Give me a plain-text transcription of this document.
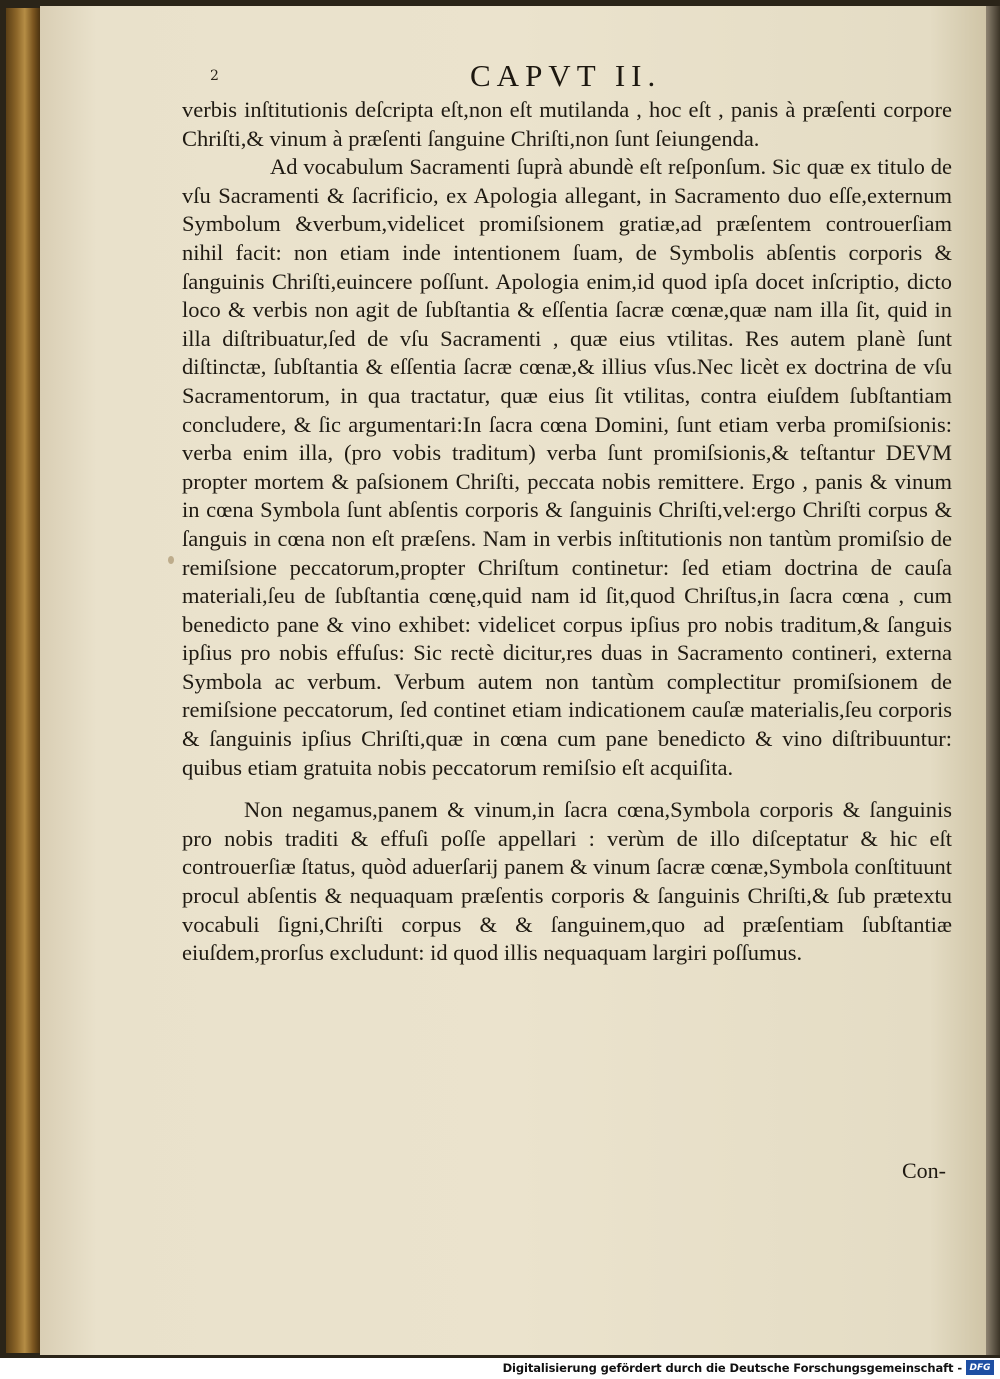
2	CAPVT II.

verbis inſtitutionis deſcripta eſt,non eſt mutilanda , hoc eſt , panis à præſenti corpore Chriſti,& vinum à præſenti ſanguine Chriſti,non ſunt ſeiungenda.

Ad vocabulum Sacramenti ſuprà abundè eſt reſponſum. Sic quæ ex titulo de vſu Sacramenti & ſacrificio, ex Apologia allegant, in Sacramento duo eſſe,externum Symbolum &verbum,videlicet promiſsionem gratiæ,ad præſentem controuerſiam nihil facit: non etiam inde intentionem ſuam, de Symbolis abſentis corporis & ſanguinis Chriſti,euincere poſſunt. Apologia enim,id quod ipſa docet inſcriptio, dicto loco & verbis non agit de ſubſtantia & eſſentia ſacræ cœnæ,quæ nam illa ſit, quid in illa diſtribuatur,ſed de vſu Sacramenti , quæ eius vtilitas. Res autem planè ſunt diſtinctæ, ſubſtantia & eſſentia ſacræ cœnæ,& illius vſus.Nec licèt ex doctrina de vſu Sacramentorum, in qua tractatur, quæ eius ſit vtilitas, contra eiuſdem ſubſtantiam concludere, & ſic argumentari:In ſacra cœna Domini, ſunt etiam verba promiſsionis: verba enim illa, (pro vobis traditum) verba ſunt promiſsionis,& teſtantur DEVM propter mortem & paſsionem Chriſti, peccata nobis remittere. Ergo , panis & vinum in cœna Symbola ſunt abſentis corporis & ſanguinis Chriſti,vel:ergo Chriſti corpus & ſanguis in cœna non eſt præſens. Nam in verbis inſtitutionis non tantùm promiſsio de remiſsione peccatorum,propter Chriſtum continetur: ſed etiam doctrina de cauſa materiali,ſeu de ſubſtantia cœnę,quid nam id ſit,quod Chriſtus,in ſacra cœna , cum benedicto pane & vino exhibet: videlicet corpus ipſius pro nobis traditum,& ſanguis ipſius pro nobis effuſus: Sic rectè dicitur,res duas in Sacramento contineri, externa Symbola ac verbum. Verbum autem non tantùm complectitur promiſsionem de remiſsione peccatorum, ſed continet etiam indicationem cauſæ materialis,ſeu corporis & ſanguinis ipſius Chriſti,quæ in cœna cum pane benedicto & vino diſtribuuntur: quibus etiam gratuita nobis peccatorum remiſsio eſt acquiſita.

Non negamus,panem & vinum,in ſacra cœna,Symbola corporis & ſanguinis pro nobis traditi & effuſi poſſe appellari : verùm de illo diſceptatur & hic eſt controuerſiæ ſtatus, quòd aduerſarij panem & vinum ſacræ cœnæ,Symbola conſtituunt procul abſentis & nequaquam præſentis corporis & ſanguinis Chriſti,& ſub prætextu vocabuli ſigni,Chriſti corpus & & ſanguinem,quo ad præſentiam ſubſtantiæ eiuſdem,prorſus excludunt: id quod illis nequaquam largiri poſſumus.

Con-
Digitalisierung gefördert durch die Deutsche Forschungsgemeinschaft - DFG
